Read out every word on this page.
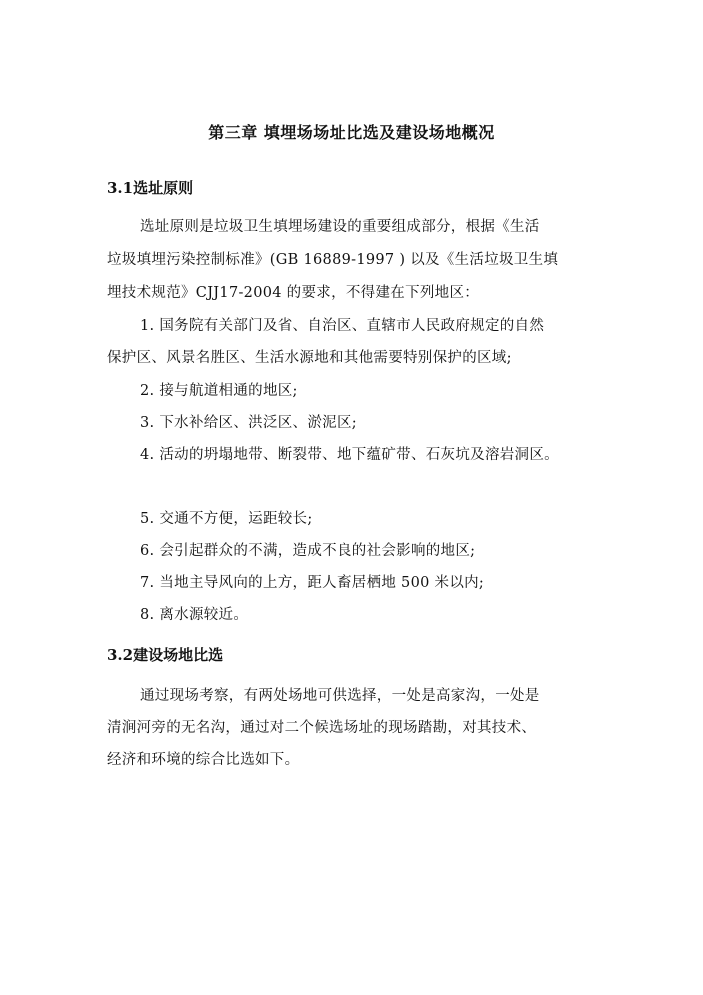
第三章 填埋场场址比选及建设场地概况
3.1选址原则
选址原则是垃圾卫生填埋场建设的重要组成部分，根据《生活
垃圾填埋污染控制标准》(GB 16889-1997 ) 以及《生活垃圾卫生填
埋技术规范》CJJ17-2004 的要求，不得建在下列地区：
1. 国务院有关部门及省、自治区、直辖市人民政府规定的自然
保护区、风景名胜区、生活水源地和其他需要特别保护的区域;
2. 接与航道相通的地区;
3. 下水补给区、洪泛区、淤泥区;
4. 活动的坍塌地带、断裂带、地下蕴矿带、石灰坑及溶岩洞区。
5. 交通不方便，运距较长;
6. 会引起群众的不满，造成不良的社会影响的地区;
7. 当地主导风向的上方，距人畜居栖地 500 米以内;
8. 离水源较近。
3.2建设场地比选
通过现场考察，有两处场地可供选择，一处是高家沟，一处是
清涧河旁的无名沟，通过对二个候选场址的现场踏勘，对其技术、
经济和环境的综合比选如下。
